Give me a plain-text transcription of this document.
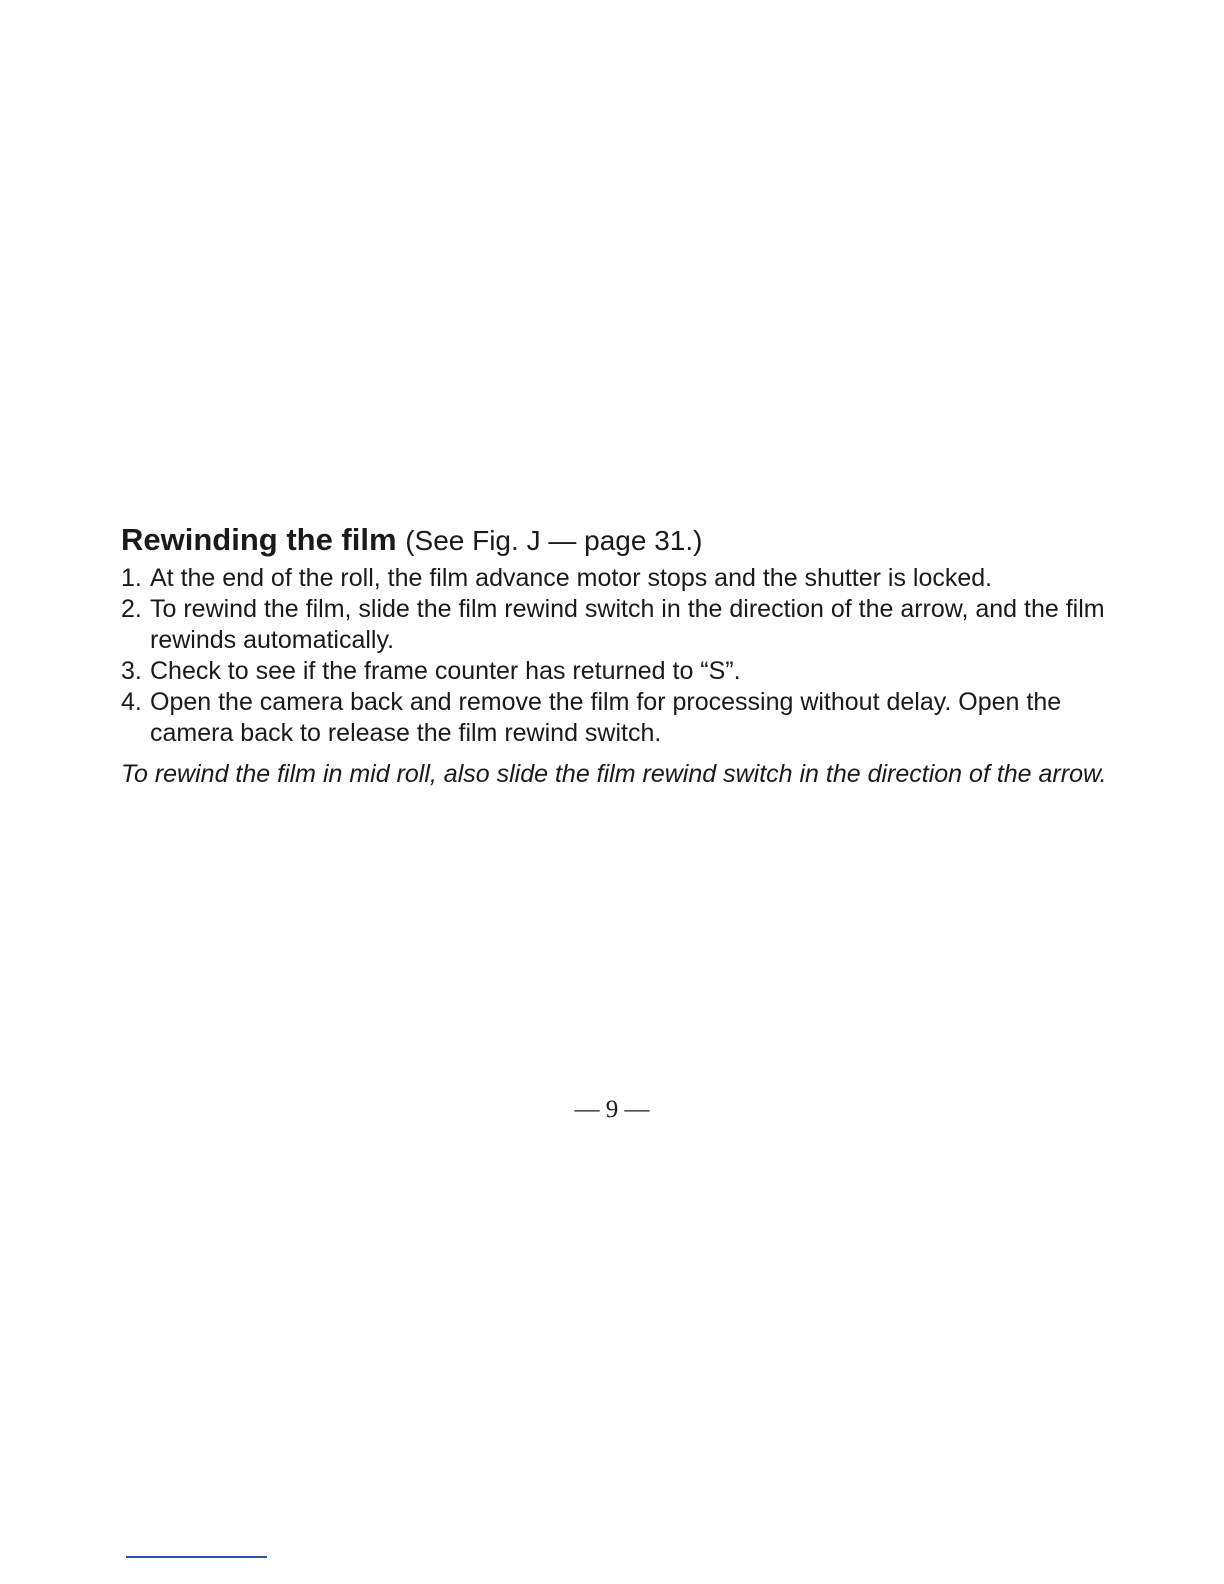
Rewinding the film (See Fig. J — page 31.)
1. At the end of the roll, the film advance motor stops and the shutter is locked.
2. To rewind the film, slide the film rewind switch in the direction of the arrow, and the film rewinds automatically.
3. Check to see if the frame counter has returned to “S”.
4. Open the camera back and remove the film for processing without delay. Open the camera back to release the film rewind switch.

To rewind the film in mid roll, also slide the film rewind switch in the direction of the arrow.

— 9 —
